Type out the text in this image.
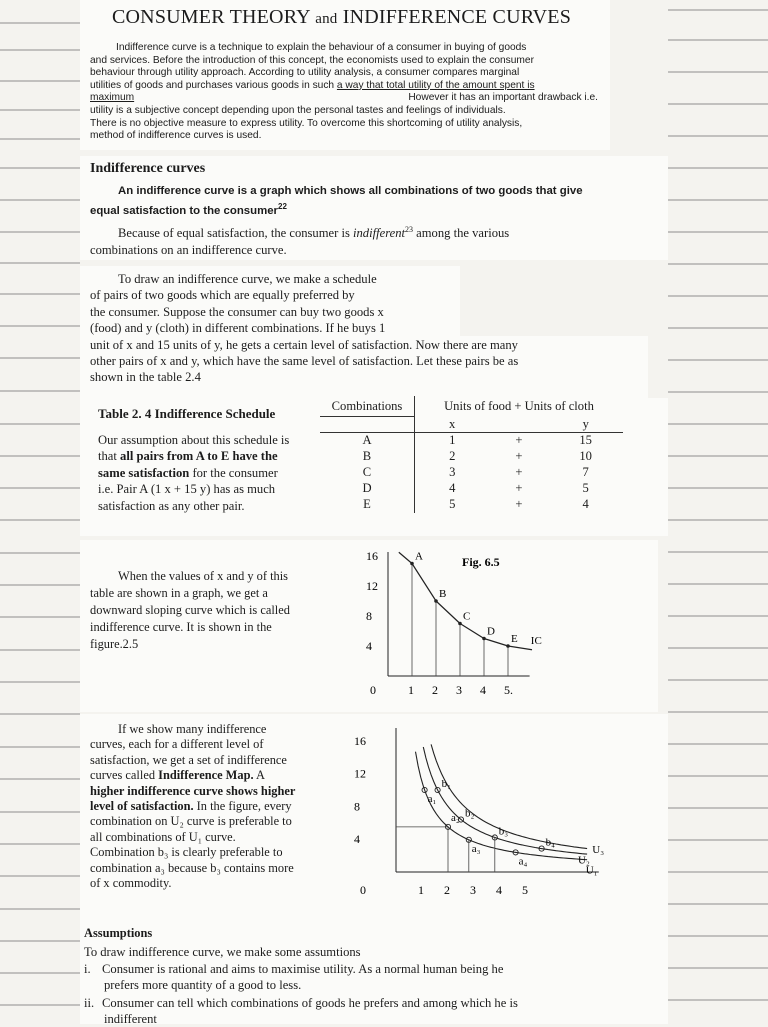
CONSUMER THEORY and INDIFFERENCE CURVES
Indifference curve is a technique to explain the behaviour of a consumer in buying of goods
and services. Before the introduction of this concept, the economists used to explain the consumer
behaviour through utility approach. According to utility analysis, a consumer compares marginal
utilities of goods and purchases various goods in such a way that total utility of the amount spent is
maximum	However it has an important drawback i.e.
utility is a subjective concept depending upon the personal tastes and feelings of individuals.
There is no objective measure to express utility. To overcome this shortcoming of utility analysis,
method of indifference curves is used.
Indifference curves
An indifference curve is a graph which shows all combinations of two goods that give
equal satisfaction to the consumer$^{22}$
Because of equal satisfaction, the consumer is indifferent$^{23}$ among the various
combinations on an indifference curve.
To draw an indifference curve, we make a schedule
of pairs of two goods which are equally preferred by
the consumer. Suppose the consumer can buy two goods x
(food) and y (cloth) in different combinations. If he buys 1
unit of x and 15 units of y, he gets a certain level of satisfaction. Now there are many
other pairs of x and y, which have the same level of satisfaction. Let these pairs be as
shown in the table 2.4
Table 2. 4 Indifference Schedule
Our assumption about this schedule is
that all pairs from A to E have the
same satisfaction for the consumer
i.e. Pair A (1 x + 15 y) has as much
satisfaction as any other pair.
Combinations	Units of food + Units of cloth

	x y

A	1 + 15

B	2 + 10

C	3 + 7

D	4 + 5

E	5 + 4
When the values of x and y of this
table are shown in a graph, we get a
downward sloping curve which is called
indifference curve. It is shown in the
figure.2.5
16
12
8
4
0	1 2 3 4 5.
Fig. 6.5
A
B
C
D
E IC
If we show many indifference
curves, each for a different level of
satisfaction, we get a set of indifference
curves called Indifference Map. A
higher indifference curve shows higher
level of satisfaction. In the figure, every
combination on U₂ curve is preferable to
all combinations of U₁ curve.
Combination b₃ is clearly preferable to
combination a₃ because b₃ contains more
of x commodity.
16
12
8
4
0	1 2 3 4 5
a₁
a₂
a₃
a₄
b₁
b₂
b₃
b₄
U₁
U₂
U₃
Assumptions
To draw indifference curve, we make some assumtions
i. Consumer is rational and aims to maximise utility. As a normal human being he
prefers more quantity of a good to less.
ii. Consumer can tell which combinations of goods he prefers and among which he is
indifferent
